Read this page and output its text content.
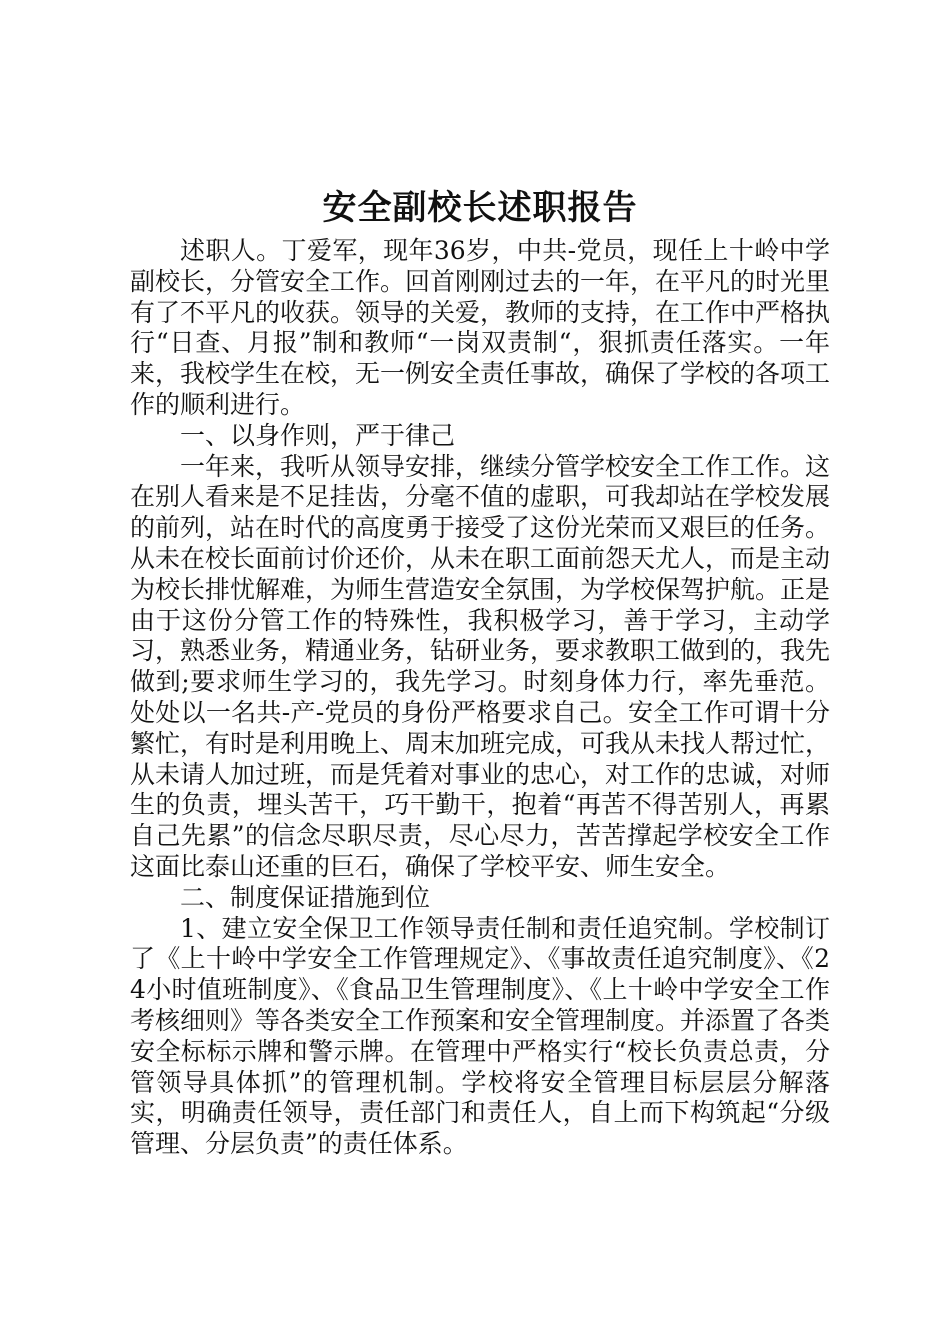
安全副校长述职报告

述职人。丁爱军，现年36岁，中共-党员，现任上十岭中学副校长，分管安全工作。回首刚刚过去的一年，在平凡的时光里有了不平凡的收获。领导的关爱，教师的支持，在工作中严格执行“日查、月报”制和教师“一岗双责制“，狠抓责任落实。一年来，我校学生在校，无一例安全责任事故，确保了学校的各项工作的顺利进行。

一、以身作则，严于律己

一年来，我听从领导安排，继续分管学校安全工作工作。这在别人看来是不足挂齿，分毫不值的虚职，可我却站在学校发展的前列，站在时代的高度勇于接受了这份光荣而又艰巨的任务。从未在校长面前讨价还价，从未在职工面前怨天尤人，而是主动为校长排忧解难，为师生营造安全氛围，为学校保驾护航。正是由于这份分管工作的特殊性，我积极学习，善于学习，主动学习，熟悉业务，精通业务，钻研业务，要求教职工做到的，我先做到;要求师生学习的，我先学习。时刻身体力行，率先垂范。处处以一名共-产-党员的身份严格要求自己。安全工作可谓十分繁忙，有时是利用晚上、周末加班完成，可我从未找人帮过忙，从未请人加过班，而是凭着对事业的忠心，对工作的忠诚，对师生的负责，埋头苦干，巧干勤干，抱着“再苦不得苦别人，再累自己先累”的信念尽职尽责，尽心尽力，苦苦撑起学校安全工作这面比泰山还重的巨石，确保了学校平安、师生安全。

二、制度保证措施到位

1、建立安全保卫工作领导责任制和责任追究制。学校制订了《上十岭中学安全工作管理规定》、《事故责任追究制度》、《24小时值班制度》、《食品卫生管理制度》、《上十岭中学安全工作考核细则》等各类安全工作预案和安全管理制度。并添置了各类安全标标示牌和警示牌。在管理中严格实行“校长负责总责，分管领导具体抓”的管理机制。学校将安全管理目标层层分解落实，明确责任领导，责任部门和责任人，自上而下构筑起“分级管理、分层负责”的责任体系。
